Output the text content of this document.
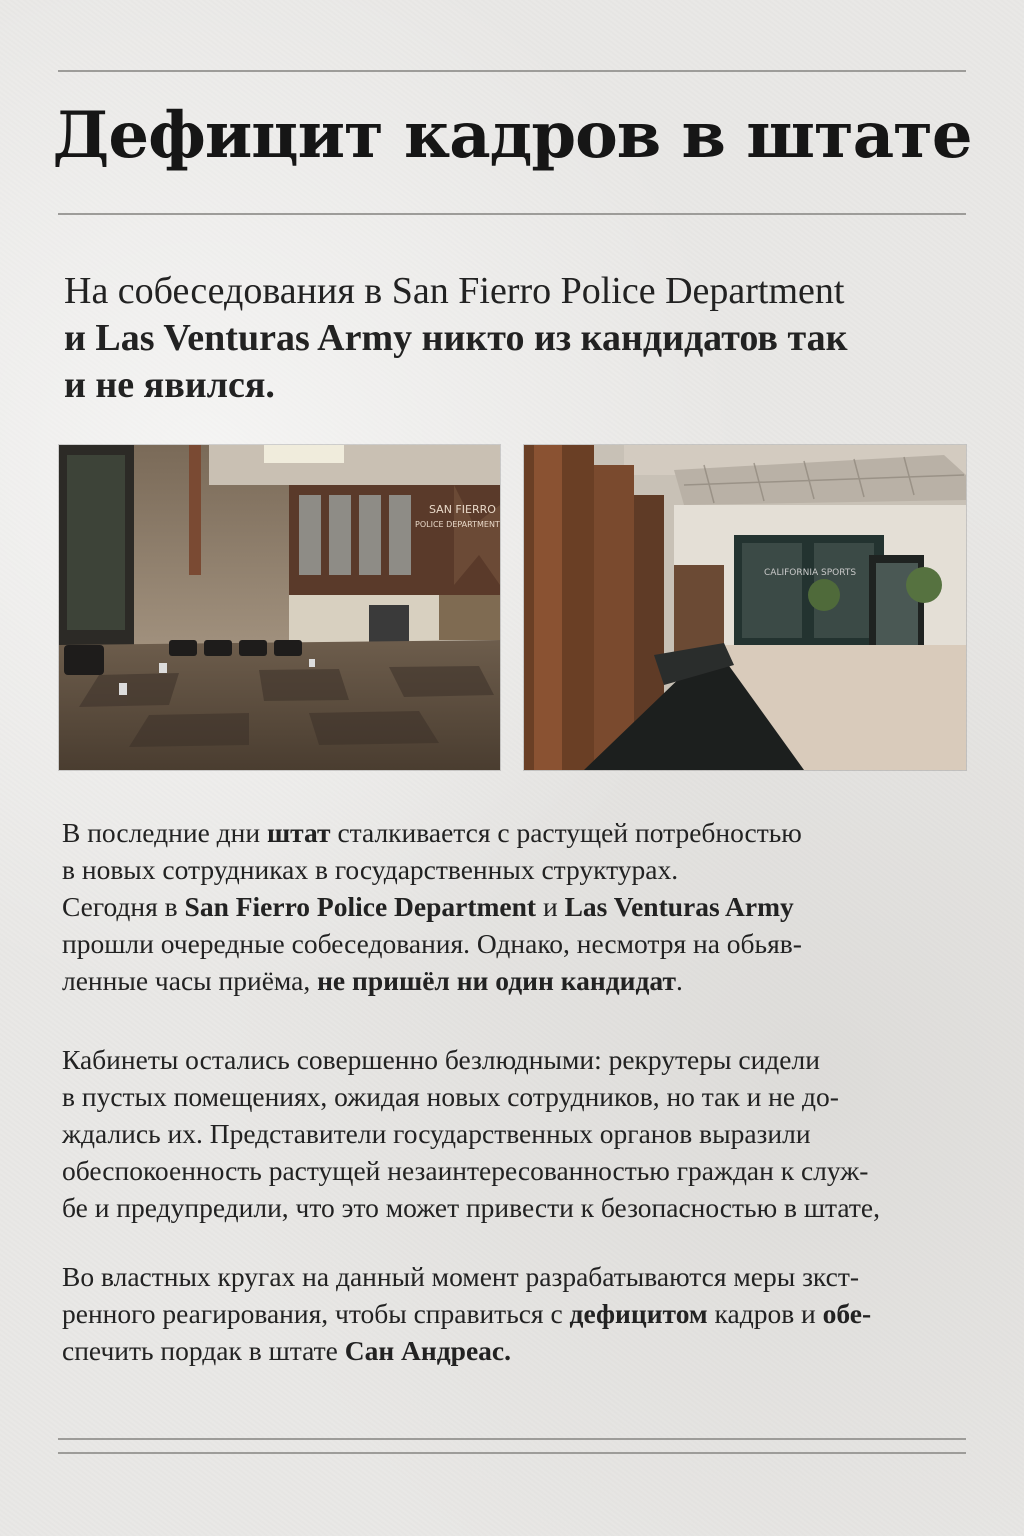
Дефицит кадров в штате

На собеседования в San Fierro Police Department
и Las Venturas Army никто из кандидатов так
и не явился.

SAN FIERRO
POLICE DEPARTMENT
CALIFORNIA SPORTS
В последние дни штат сталкивается с растущей потребностью
в новых сотрудниках в государственных структурах.
Сегодня в San Fierro Police Department и Las Venturas Army
прошли очередные собеседования. Однако, несмотря на обьяв-
ленные часы приёма, не пришёл ни один кандидат.
Кабинеты остались совершенно безлюдными: рекрутеры сидели
в пустых помещениях, ожидая новых сотрудников, но так и не до-
ждались их. Представители государственных органов выразили
обеспокоенность растущей незаинтересованностью граждан к служ-
бе и предупредили, что это может привести к безопасностью в штате,
Во властных кругах на данный момент разрабатываются меры зкст-
ренного реагирования, чтобы справиться с дефицитом кадров и обе-
спечить пордак в штате Сан Андреас.
